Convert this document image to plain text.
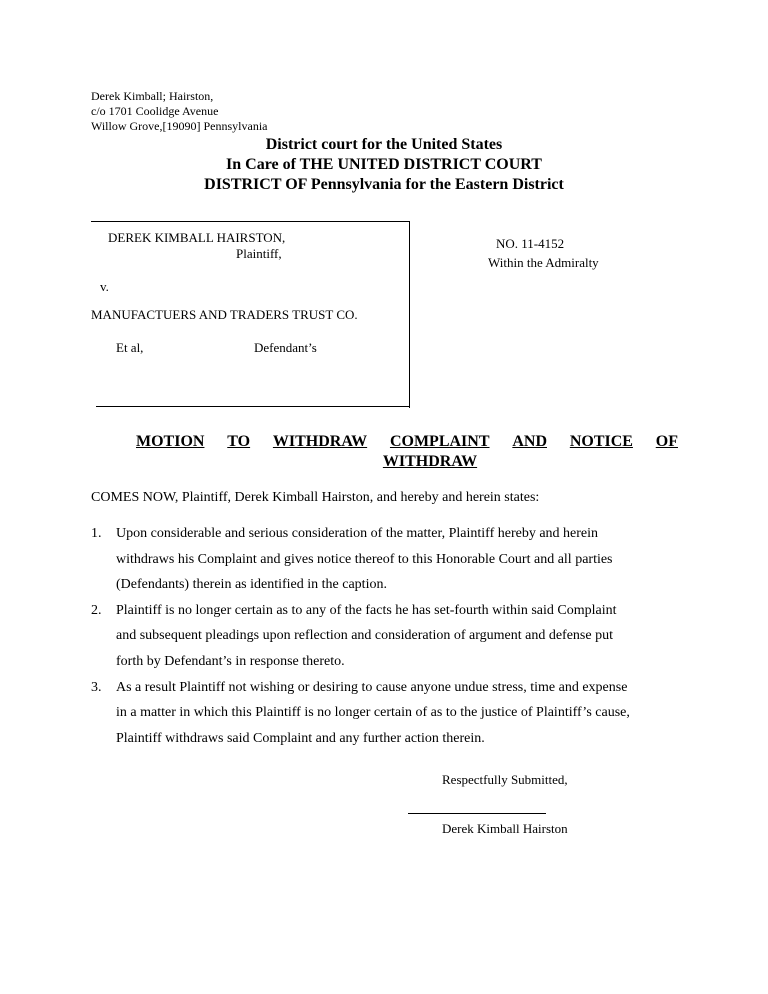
Derek Kimball; Hairston,
c/o 1701 Coolidge Avenue
Willow Grove,[19090] Pennsylvania
District court for the United States
In Care of THE UNITED DISTRICT COURT
DISTRICT OF Pennsylvania for the Eastern District
DEREK KIMBALL HAIRSTON,
Plaintiff,
v.
MANUFACTUERS AND TRADERS TRUST CO.
Et al,	Defendant’s
NO. 11-4152
Within the Admiralty
MOTION TO WITHDRAW COMPLAINT AND NOTICE OF
WITHDRAW
COMES NOW, Plaintiff, Derek Kimball Hairston, and hereby and herein states:
1. Upon considerable and serious consideration of the matter, Plaintiff hereby and herein
withdraws his Complaint and gives notice thereof to this Honorable Court and all parties
(Defendants) therein as identified in the caption.
2. Plaintiff is no longer certain as to any of the facts he has set-fourth within said Complaint
and subsequent pleadings upon reflection and consideration of argument and defense put
forth by Defendant’s in response thereto.
3. As a result Plaintiff not wishing or desiring to cause anyone undue stress, time and expense
in a matter in which this Plaintiff is no longer certain of as to the justice of Plaintiff’s cause,
Plaintiff withdraws said Complaint and any further action therein.
Respectfully Submitted,
Derek Kimball Hairston
